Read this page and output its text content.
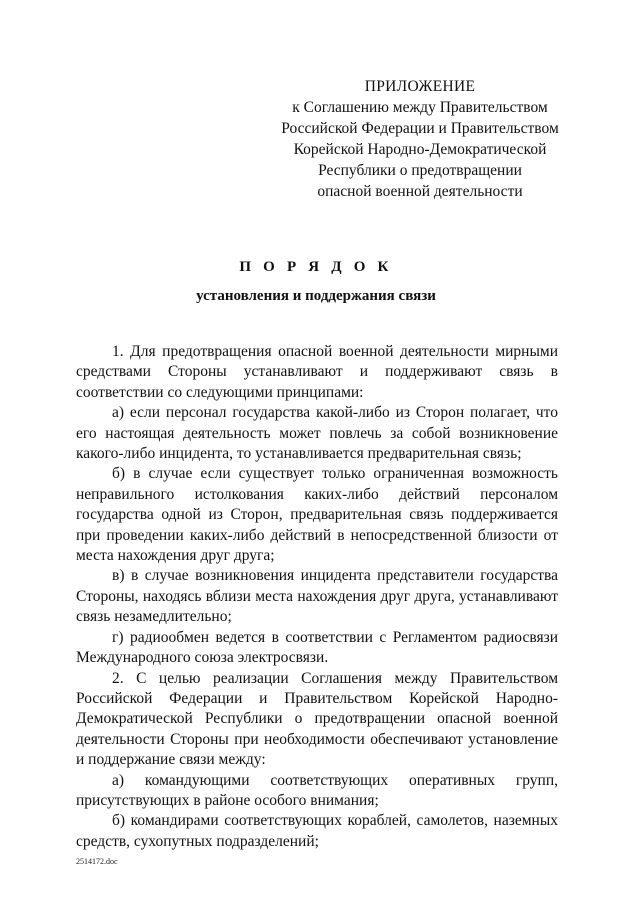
ПРИЛОЖЕНИЕ
к Соглашению между Правительством
Российской Федерации и Правительством
Корейской Народно-Демократической
Республики о предотвращении
опасной военной деятельности
П О Р Я Д О К
установления и поддержания связи

1. Для предотвращения опасной военной деятельности мирными средствами Стороны устанавливают и поддерживают связь в соответствии со следующими принципами:

а) если персонал государства какой-либо из Сторон полагает, что его настоящая деятельность может повлечь за собой возникновение какого-либо инцидента, то устанавливается предварительная связь;

б) в случае если существует только ограниченная возможность неправильного истолкования каких-либо действий персоналом государства одной из Сторон, предварительная связь поддерживается при проведении каких-либо действий в непосредственной близости от места нахождения друг друга;

в) в случае возникновения инцидента представители государства Стороны, находясь вблизи места нахождения друг друга, устанавливают связь незамедлительно;

г) радиообмен ведется в соответствии с Регламентом радиосвязи Международного союза электросвязи.

2. С целью реализации Соглашения между Правительством Российской Федерации и Правительством Корейской Народно-Демократической Республики о предотвращении опасной военной деятельности Стороны при необходимости обеспечивают установление и поддержание связи между:

а) командующими соответствующих оперативных групп, присутствующих в районе особого внимания;

б) командирами соответствующих кораблей, самолетов, наземных средств, сухопутных подразделений;

2514172.doc
